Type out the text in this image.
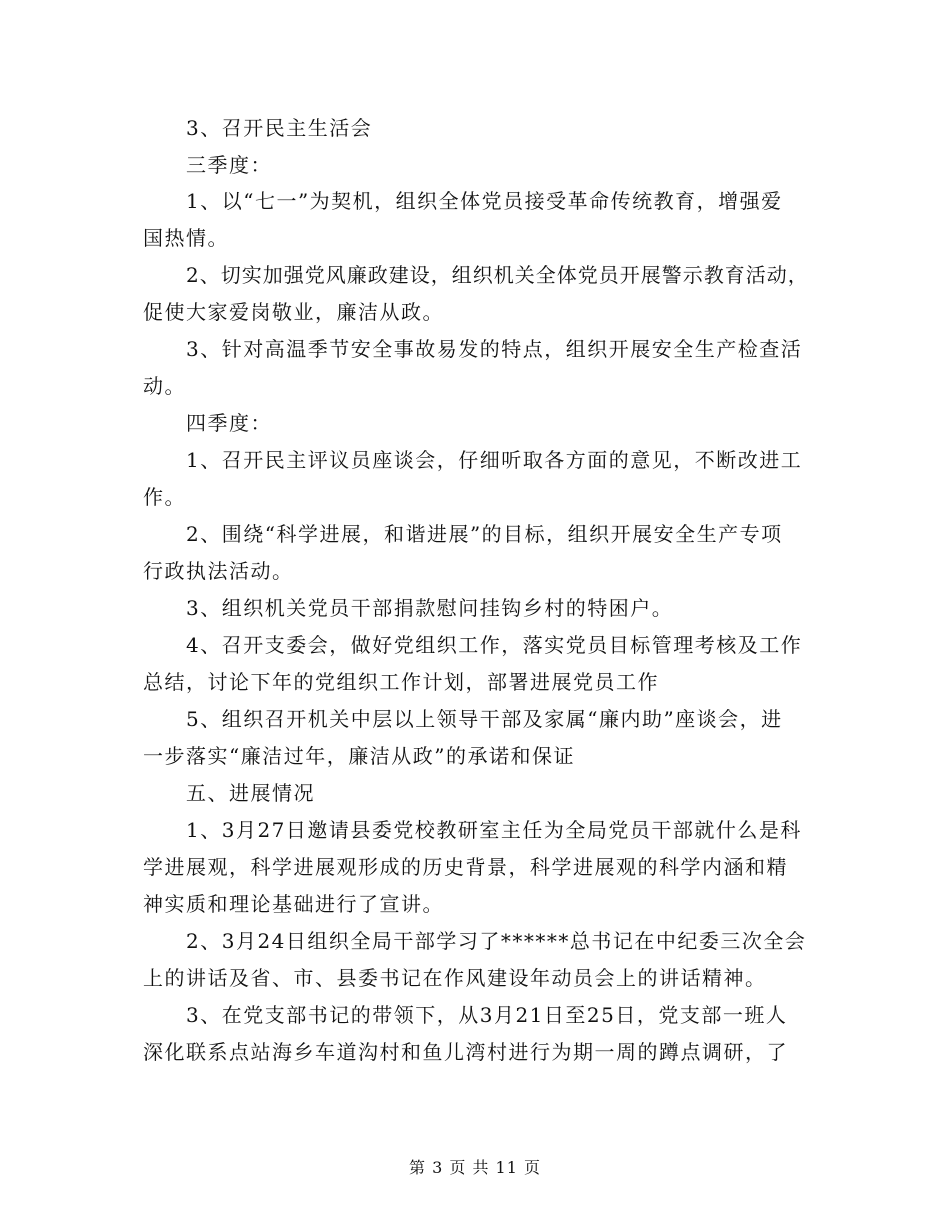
3、召开民主生活会
三季度：
1、以“七一”为契机，组织全体党员接受革命传统教育，增强爱
国热情。
2、切实加强党风廉政建设，组织机关全体党员开展警示教育活动，
促使大家爱岗敬业，廉洁从政。
3、针对高温季节安全事故易发的特点，组织开展安全生产检查活
动。
四季度：
1、召开民主评议员座谈会，仔细听取各方面的意见，不断改进工
作。
2、围绕“科学进展，和谐进展”的目标，组织开展安全生产专项
行政执法活动。
3、组织机关党员干部捐款慰问挂钩乡村的特困户。
4、召开支委会，做好党组织工作，落实党员目标管理考核及工作
总结，讨论下年的党组织工作计划，部署进展党员工作
5、组织召开机关中层以上领导干部及家属“廉内助”座谈会，进
一步落实“廉洁过年，廉洁从政”的承诺和保证
五、进展情况
1、3月27日邀请县委党校教研室主任为全局党员干部就什么是科
学进展观，科学进展观形成的历史背景，科学进展观的科学内涵和精
神实质和理论基础进行了宣讲。
2、3月24日组织全局干部学习了******总书记在中纪委三次全会
上的讲话及省、市、县委书记在作风建设年动员会上的讲话精神。
3、在党支部书记的带领下，从3月21日至25日，党支部一班人
深化联系点站海乡车道沟村和鱼儿湾村进行为期一周的蹲点调研，了
第 3 页 共 11 页
